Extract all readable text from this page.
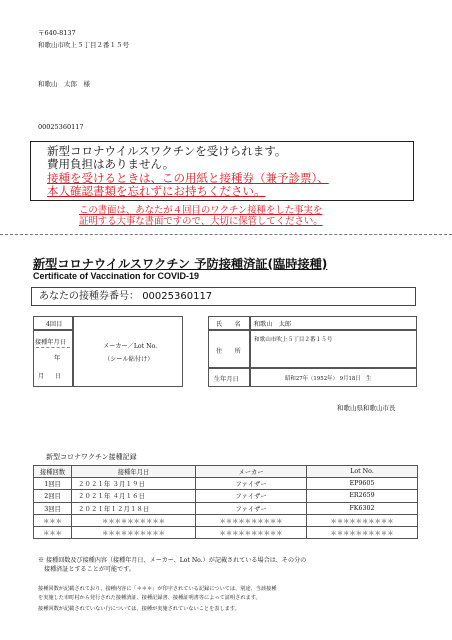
〒640-8137
和歌山市吹上５丁目２番１５号
和歌山　太郎　様
00025360117
新型コロナウイルスワクチンを受けられます。
費用負担はありません。
接種を受けるときは、この用紙と接種券（兼予診票）、
本人確認書類を忘れずにお持ちください。
この書面は、あなたが４回目のワクチン接種をした事実を
証明する大事な書面ですので、大切に保管してください。
新型コロナウイルスワクチン 予防接種済証(臨時接種)
Certificate of Vaccination for COVID-19
あなたの接種券番号： 00025360117
4回目
接種年月日
年
月 日
メーカー／Lot No.
（シール貼付け）
氏　　名 和歌山　太郎
住　　所
和歌山市吹上５丁目２番１５号
生年月日	昭和27年（1952年） 9月18日　生
和歌山県和歌山市長
新型コロナワクチン接種記録
接種回数	接種年月日	メーカー	Lot No.
1回目	２０２１年 ３月１９日	ファイザー	EP9605
2回目	２０２１年 ４月１６日	ファイザー	ER2659
3回目	２０２１年１２月１８日	ファイザー	FK6302
＊＊＊	＊＊＊＊＊＊＊＊＊＊	＊＊＊＊＊＊＊＊＊＊	＊＊＊＊＊＊＊＊＊＊
＊＊＊	＊＊＊＊＊＊＊＊＊＊	＊＊＊＊＊＊＊＊＊＊	＊＊＊＊＊＊＊＊＊＊
※ 接種回数及び接種内容（接種年月日、メーカー、Lot No.）が記載されている場合は、その分の
接種済証とすることが可能です。
接種回数が記載されており、接種内容に「＊＊＊」が印字されている記録については、別途、当該接種
を実施した市町村から発行された接種済証、接種記録書、接種証明書等によって証明されます。
接種回数が記載されていない行については、接種が実施されていないことを表します。
